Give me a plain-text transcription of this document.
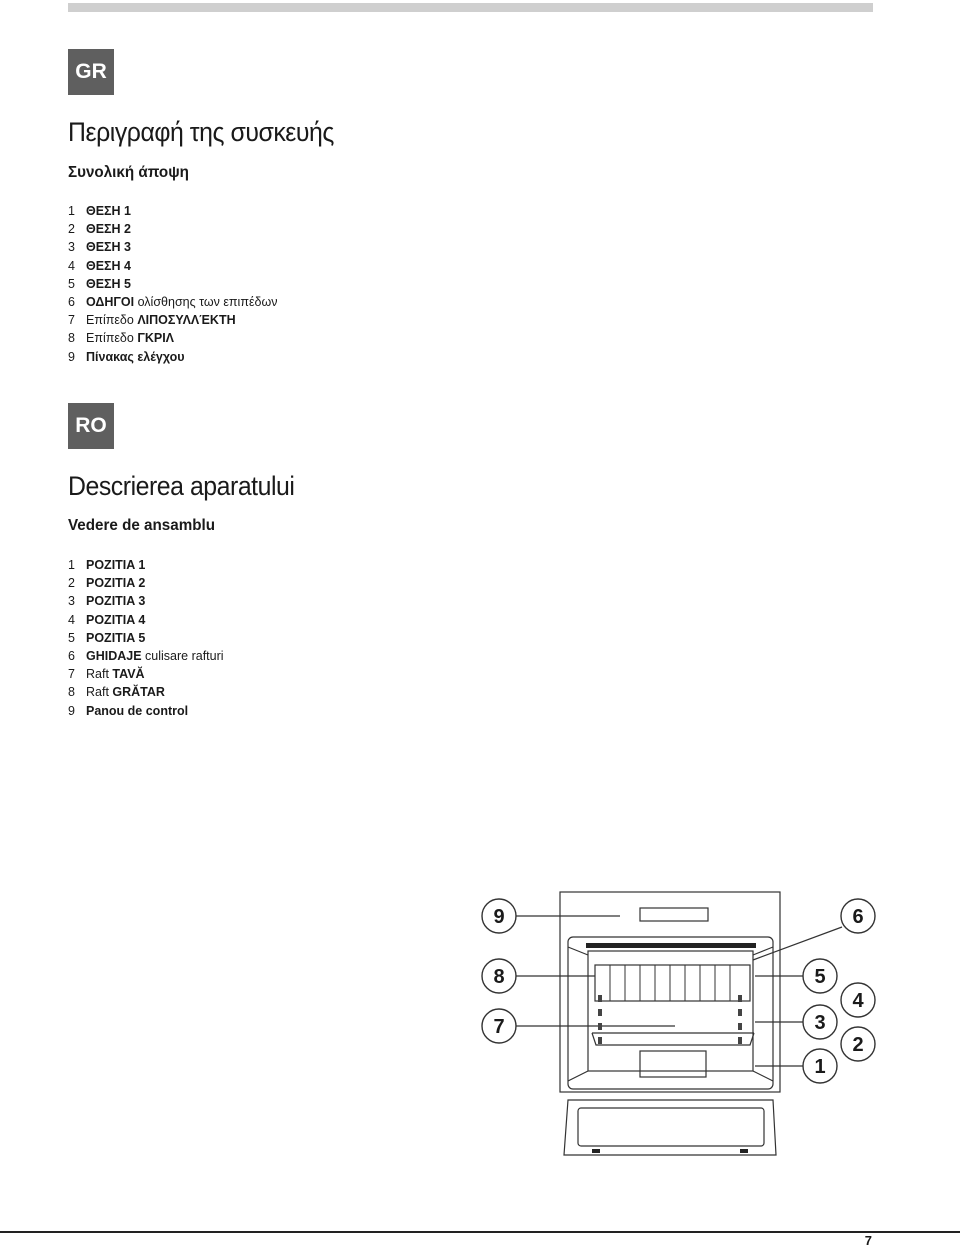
GR
Περιγραφή της συσκευής
Συνολική άποψη
1 ΘΕΣΗ 1
2 ΘΕΣΗ 2
3 ΘΕΣΗ 3
4 ΘΕΣΗ 4
5 ΘΕΣΗ 5
6 ΟΔΗΓΟΙ ολίσθησης των επιπέδων
7 Επίπεδο ΛΙΠΟΣΥΛΛΈΚΤΗ
8 Επίπεδο ΓΚΡΙΛ
9 Πίνακας ελέγχου
RO
Descrierea aparatului
Vedere de ansamblu
1 POZITIA 1
2 POZITIA 2
3 POZITIA 3
4 POZITIA 4
5 POZITIA 5
6 GHIDAJE culisare rafturi
7 Raft TAVĂ
8 Raft GRĂTAR
9 Panou de control
9
8
7
6
5
4
3
2
1
7
